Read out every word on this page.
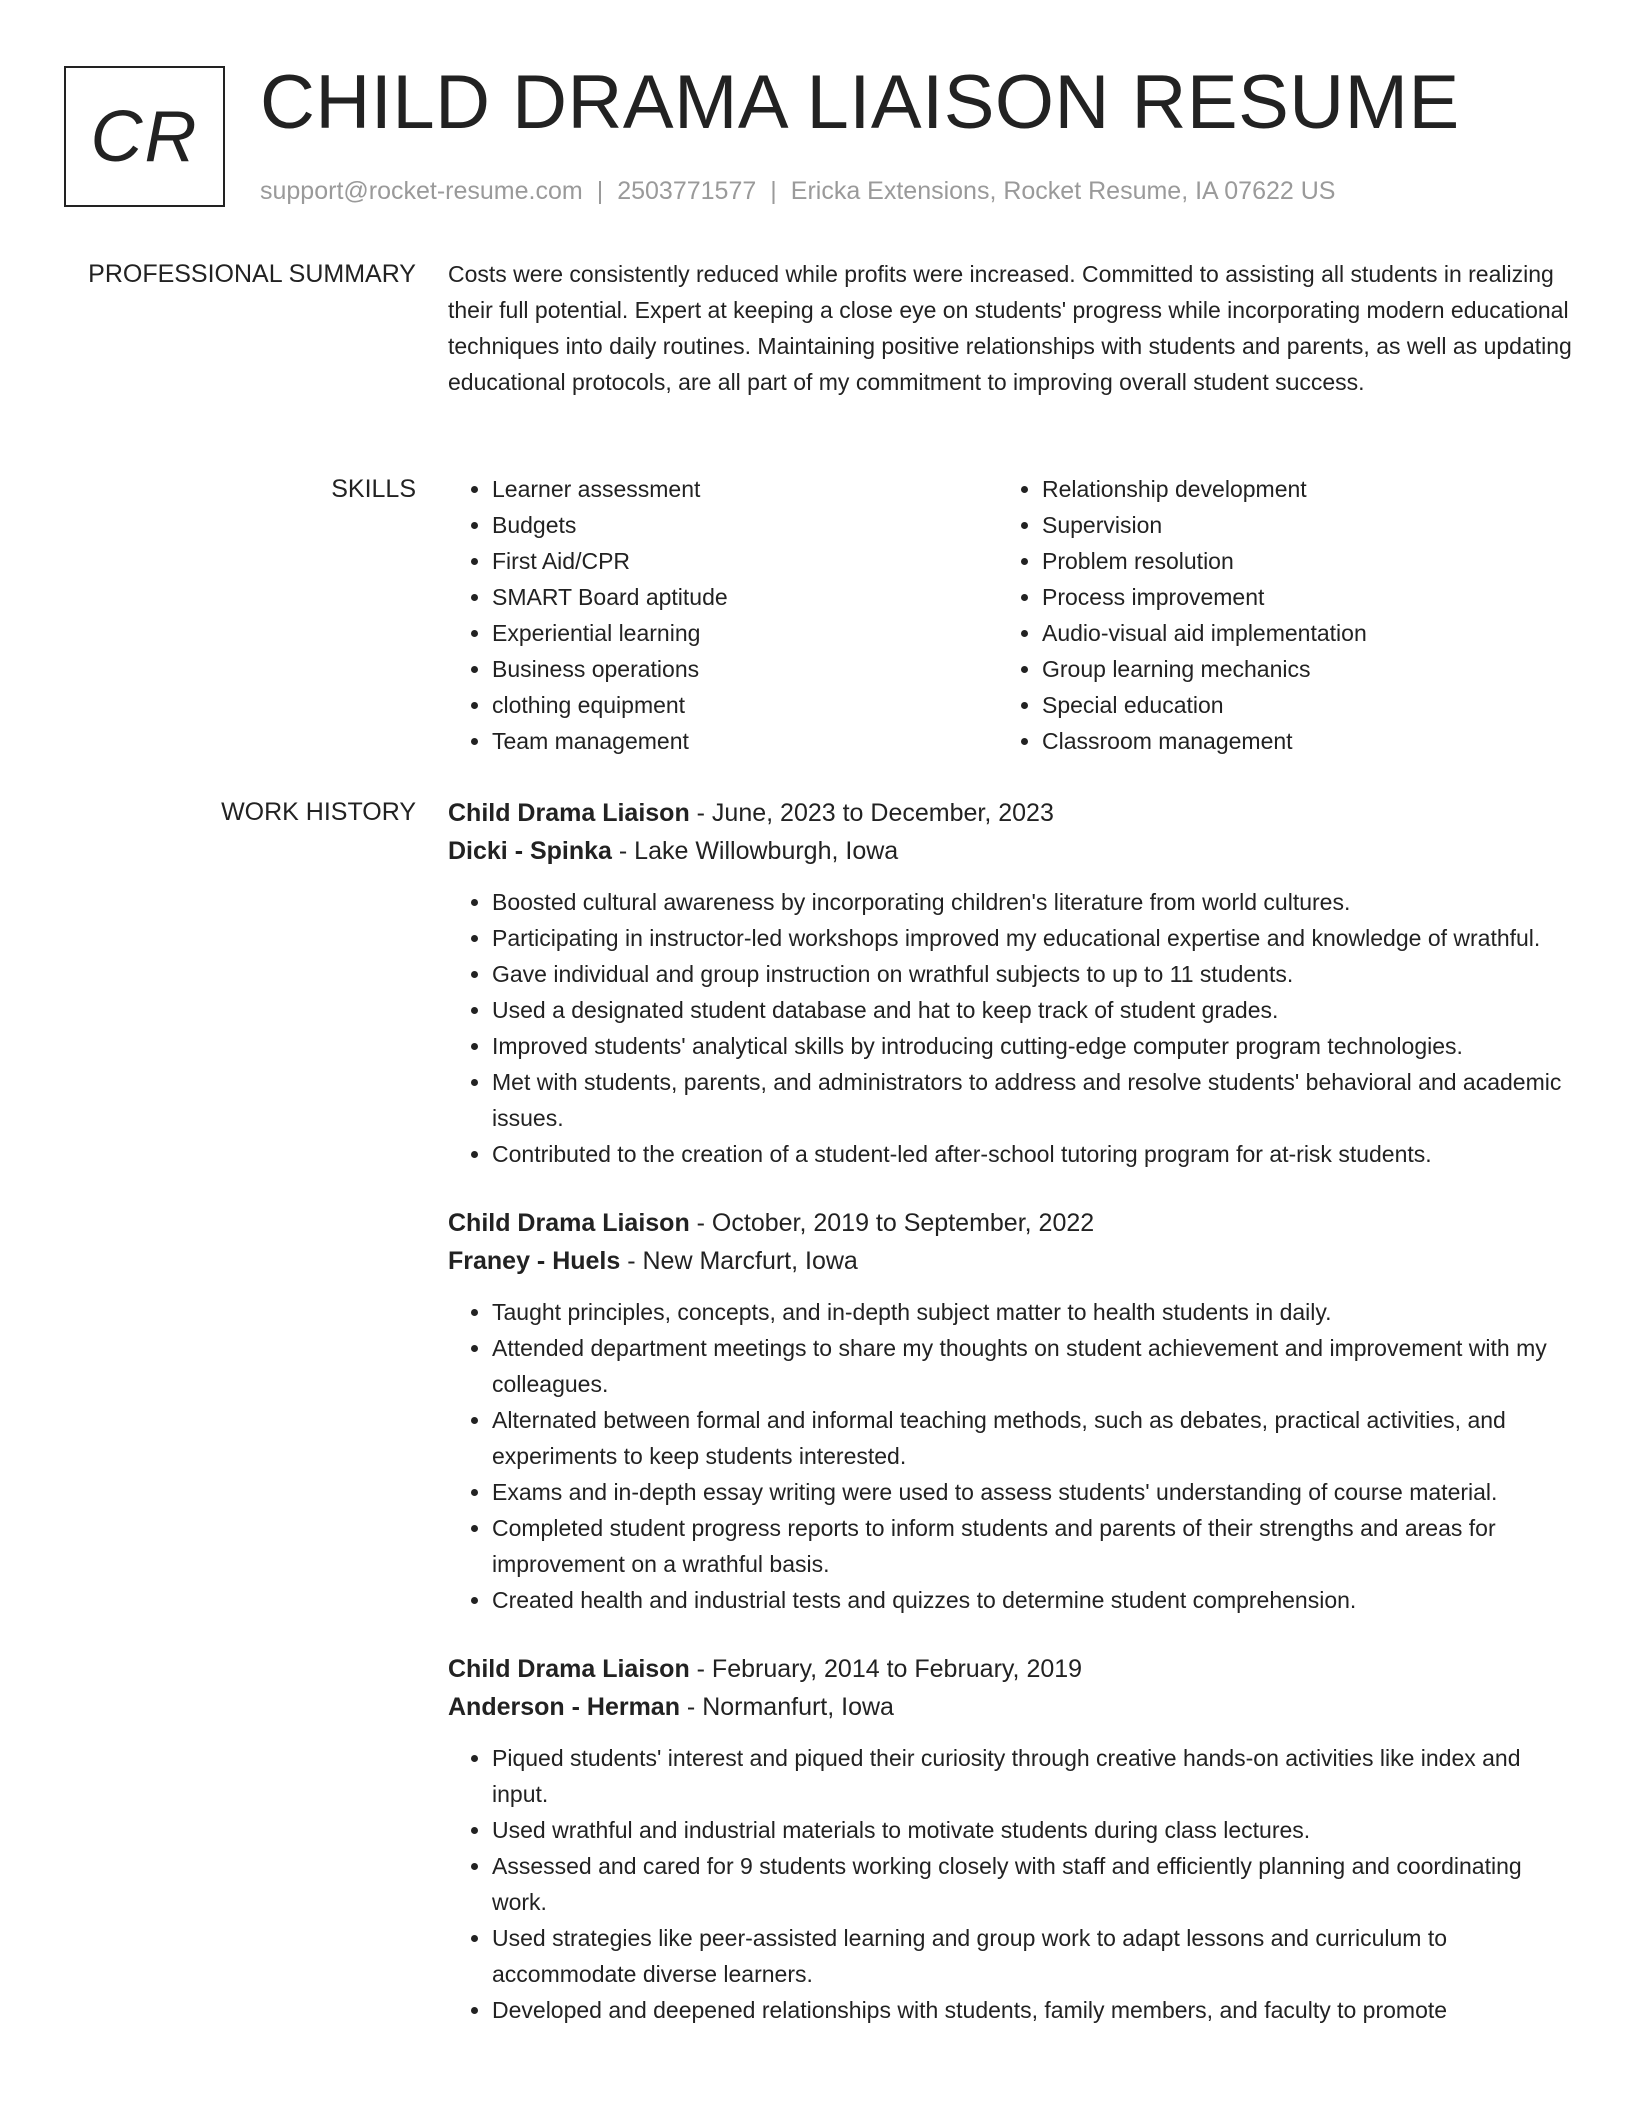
CR CHILD DRAMA LIAISON RESUME
support@rocket-resume.com | 2503771577 | Ericka Extensions, Rocket Resume, IA 07622 US
PROFESSIONAL SUMMARY Costs were consistently reduced while profits were increased. Committed to assisting all students in realizing their full potential. Expert at keeping a close eye on students' progress while incorporating modern educational techniques into daily routines. Maintaining positive relationships with students and parents, as well as updating educational protocols, are all part of my commitment to improving overall student success.

SKILLS
•	Learner assessment
• Budgets
• First Aid/CPR
• SMART Board aptitude
• Experiential learning
• Business operations
• clothing equipment
• Team management
• Relationship development
• Supervision
• Problem resolution
• Process improvement
• Audio-visual aid implementation
• Group learning mechanics
• Special education
• Classroom management
WORK HISTORY Child Drama Liaison - June, 2023 to December, 2023
Dicki - Spinka - Lake Willowburgh, Iowa
• Boosted cultural awareness by incorporating children's literature from world cultures.
• Participating in instructor-led workshops improved my educational expertise and knowledge of wrathful.
• Gave individual and group instruction on wrathful subjects to up to 11 students.
• Used a designated student database and hat to keep track of student grades.
• Improved students' analytical skills by introducing cutting-edge computer program technologies.
• Met with students, parents, and administrators to address and resolve students' behavioral and academic issues.
• Contributed to the creation of a student-led after-school tutoring program for at-risk students.
Child Drama Liaison - October, 2019 to September, 2022
Franey - Huels - New Marcfurt, Iowa
• Taught principles, concepts, and in-depth subject matter to health students in daily.
• Attended department meetings to share my thoughts on student achievement and improvement with my colleagues.
• Alternated between formal and informal teaching methods, such as debates, practical activities, and experiments to keep students interested.
• Exams and in-depth essay writing were used to assess students' understanding of course material.
• Completed student progress reports to inform students and parents of their strengths and areas for improvement on a wrathful basis.
• Created health and industrial tests and quizzes to determine student comprehension.
Child Drama Liaison - February, 2014 to February, 2019
Anderson - Herman - Normanfurt, Iowa
• Piqued students' interest and piqued their curiosity through creative hands-on activities like index and input.
• Used wrathful and industrial materials to motivate students during class lectures.
• Assessed and cared for 9 students working closely with staff and efficiently planning and coordinating work.
• Used strategies like peer-assisted learning and group work to adapt lessons and curriculum to accommodate diverse learners.
• Developed and deepened relationships with students, family members, and faculty to promote
